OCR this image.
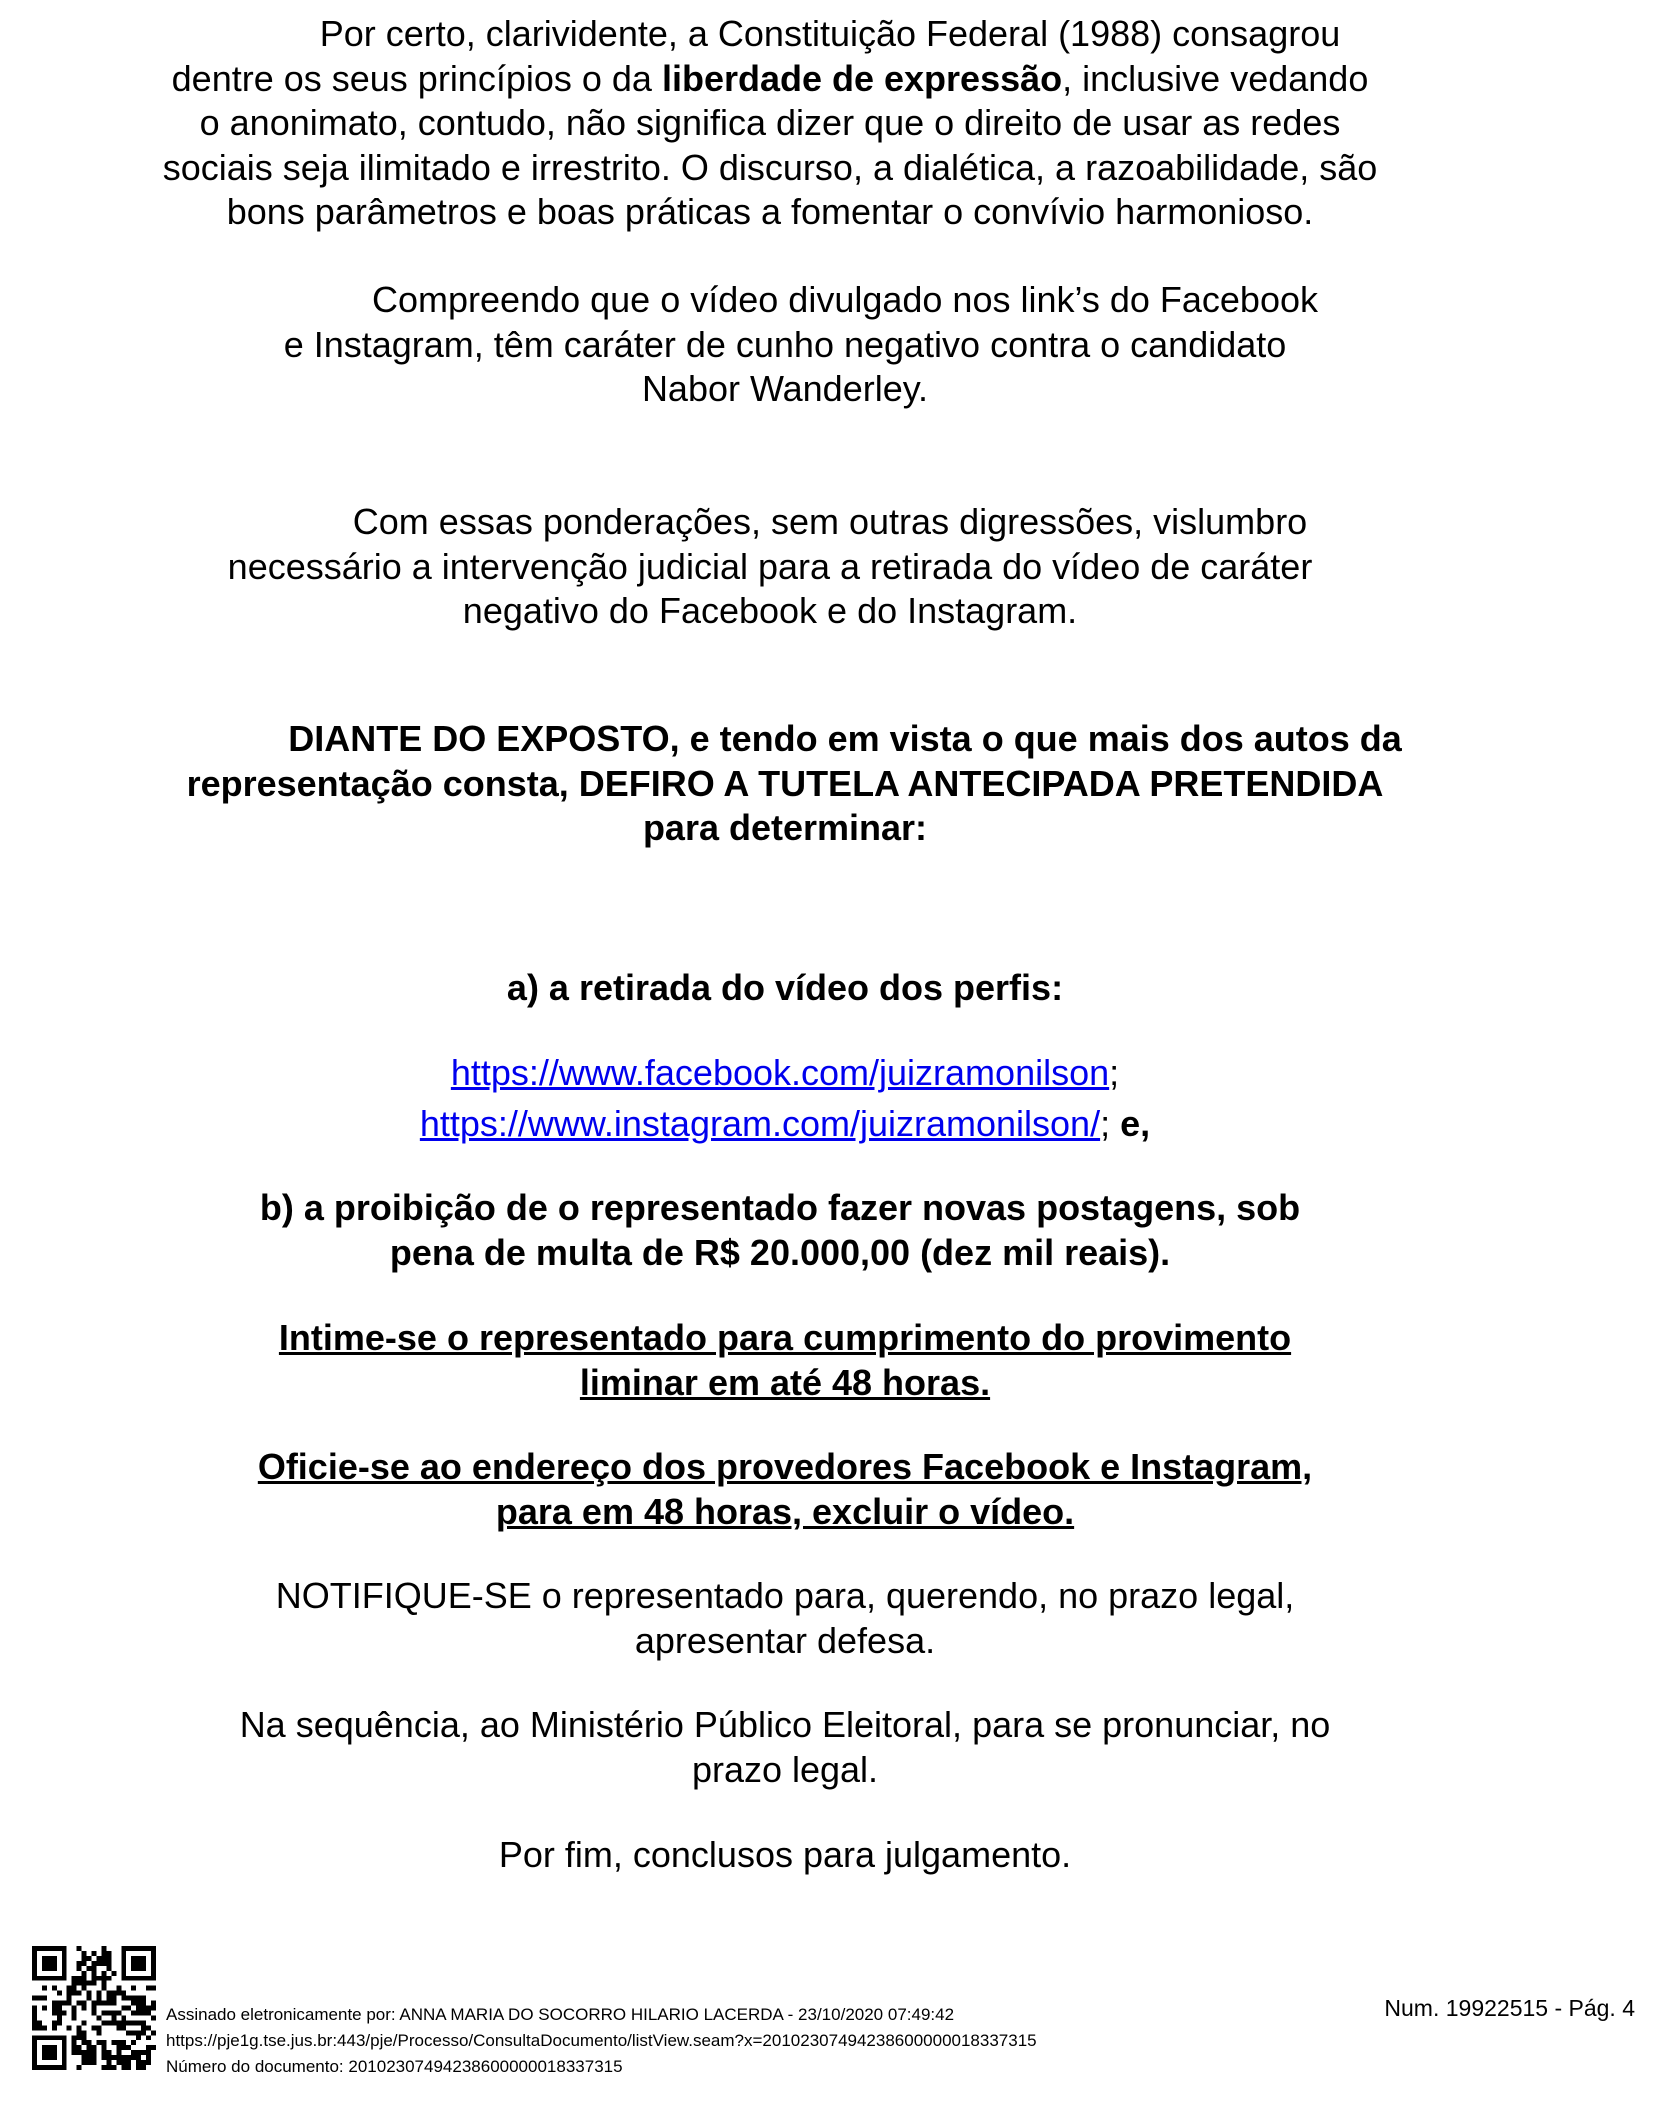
Por certo, clarividente, a Constituição Federal (1988) consagrou dentre os seus princípios o da liberdade de expressão, inclusive vedando o anonimato, contudo, não significa dizer que o direito de usar as redes sociais seja ilimitado e irrestrito. O discurso, a dialética, a razoabilidade, são bons parâmetros e boas práticas a fomentar o convívio harmonioso.

Compreendo que o vídeo divulgado nos link’s do Facebook e Instagram, têm caráter de cunho negativo contra o candidato Nabor Wanderley.

Com essas ponderações, sem outras digressões, vislumbro necessário a intervenção judicial para a retirada do vídeo de caráter negativo do Facebook e do Instagram.

DIANTE DO EXPOSTO, e tendo em vista o que mais dos autos da representação consta, DEFIRO A TUTELA ANTECIPADA PRETENDIDA para determinar:

a) a retirada do vídeo dos perfis:

https://www.facebook.com/juizramonilson;

https://www.instagram.com/juizramonilson/; e,

b) a proibição de o representado fazer novas postagens, sob pena de multa de R$ 20.000,00 (dez mil reais).

Intime-se o representado para cumprimento do provimento liminar em até 48 horas.

Oficie-se ao endereço dos provedores Facebook e Instagram, para em 48 horas, excluir o vídeo.

NOTIFIQUE-SE o representado para, querendo, no prazo legal, apresentar defesa.

Na sequência, ao Ministério Público Eleitoral, para se pronunciar, no prazo legal.

Por fim, conclusos para julgamento.

Assinado eletronicamente por: ANNA MARIA DO SOCORRO HILARIO LACERDA - 23/10/2020 07:49:42
https://pje1g.tse.jus.br:443/pje/Processo/ConsultaDocumento/listView.seam?x=20102307494238600000018337315
Número do documento: 20102307494238600000018337315
Num. 19922515 - Pág. 4
